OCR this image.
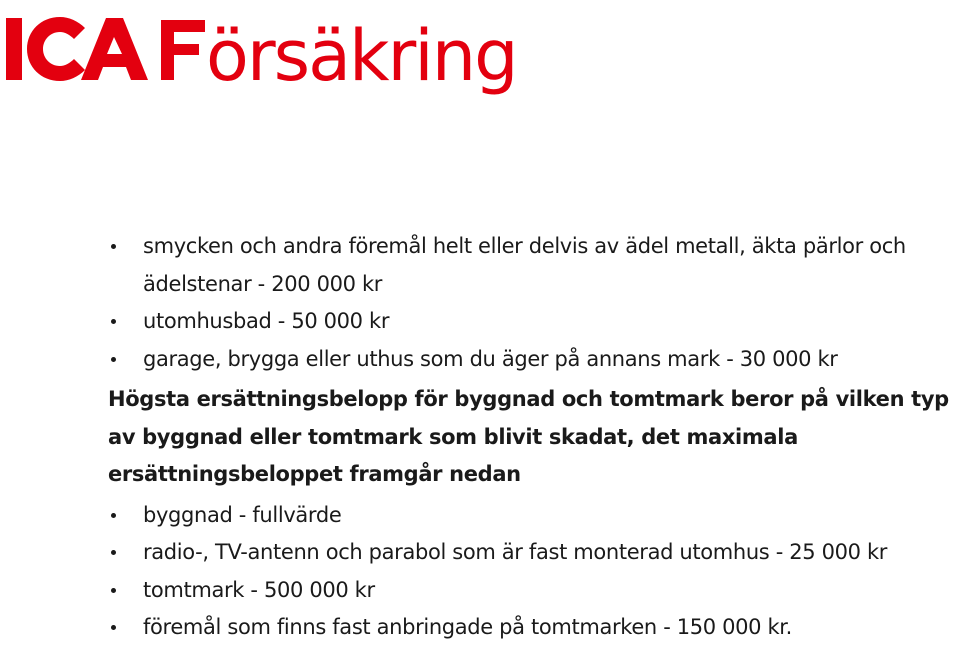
örsäkring
smycken och andra föremål helt eller delvis av ädel metall, äkta pärlor och ädelstenar - 200 000 kr
utomhusbad - 50 000 kr
garage, brygga eller uthus som du äger på annans mark - 30 000 kr

Högsta ersättningsbelopp för byggnad och tomtmark beror på vilken typ av byggnad eller tomtmark som blivit skadat, det maximala ersättningsbeloppet framgår nedan

byggnad - fullvärde
radio-, TV-antenn och parabol som är fast monterad utomhus - 25 000 kr
tomtmark - 500 000 kr
föremål som finns fast anbringade på tomtmarken - 150 000 kr.
